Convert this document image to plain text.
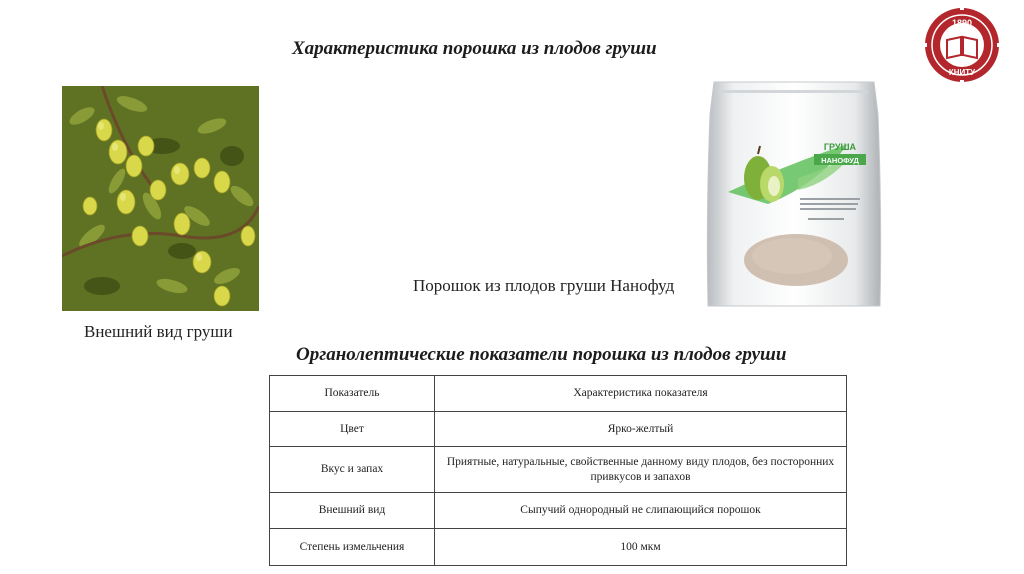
Характеристика порошка из плодов груши
1890
КНИТУ
Внешний вид груши
ГРУША
НАНОФУД
Порошок из плодов груши Нанофуд
Органолептические показатели порошка из плодов груши
Показатель	Характеристика показателя
Цвет	Ярко-желтый
Вкус и запах	Приятные, натуральные, свойственные данному виду плодов, без посторонних привкусов и запахов
Внешний вид	Сыпучий однородный не слипающийся порошок
Степень измельчения	100 мкм
